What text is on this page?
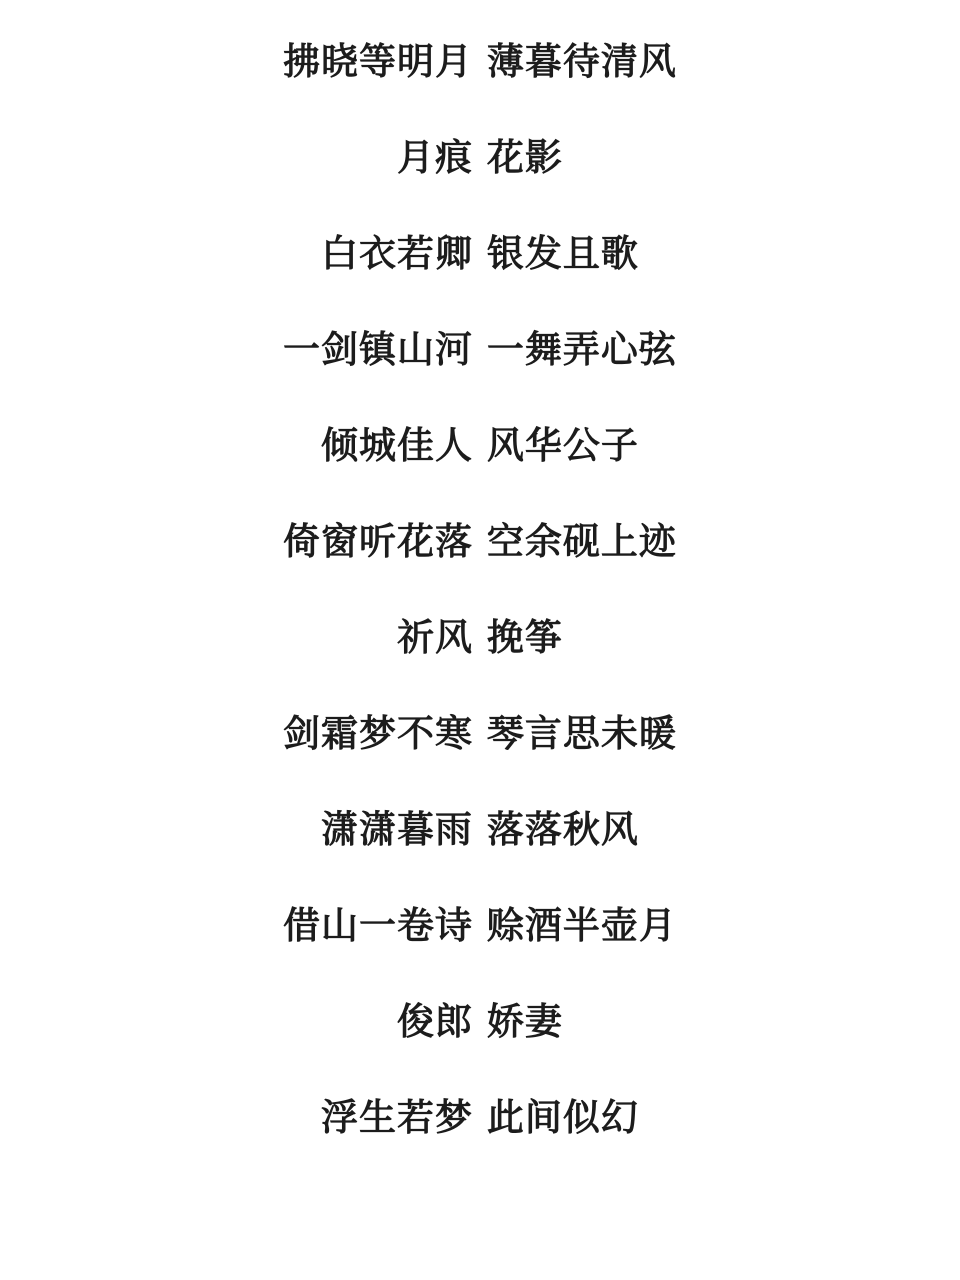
拂晓等明月 薄暮待清风
月痕 花影
白衣若卿 银发且歌
一剑镇山河 一舞弄心弦
倾城佳人 风华公子
倚窗听花落 空余砚上迹
祈风 挽筝
剑霜梦不寒 琴言思未暖
潇潇暮雨 落落秋风
借山一卷诗 赊酒半壶月
俊郎 娇妻
浮生若梦 此间似幻
